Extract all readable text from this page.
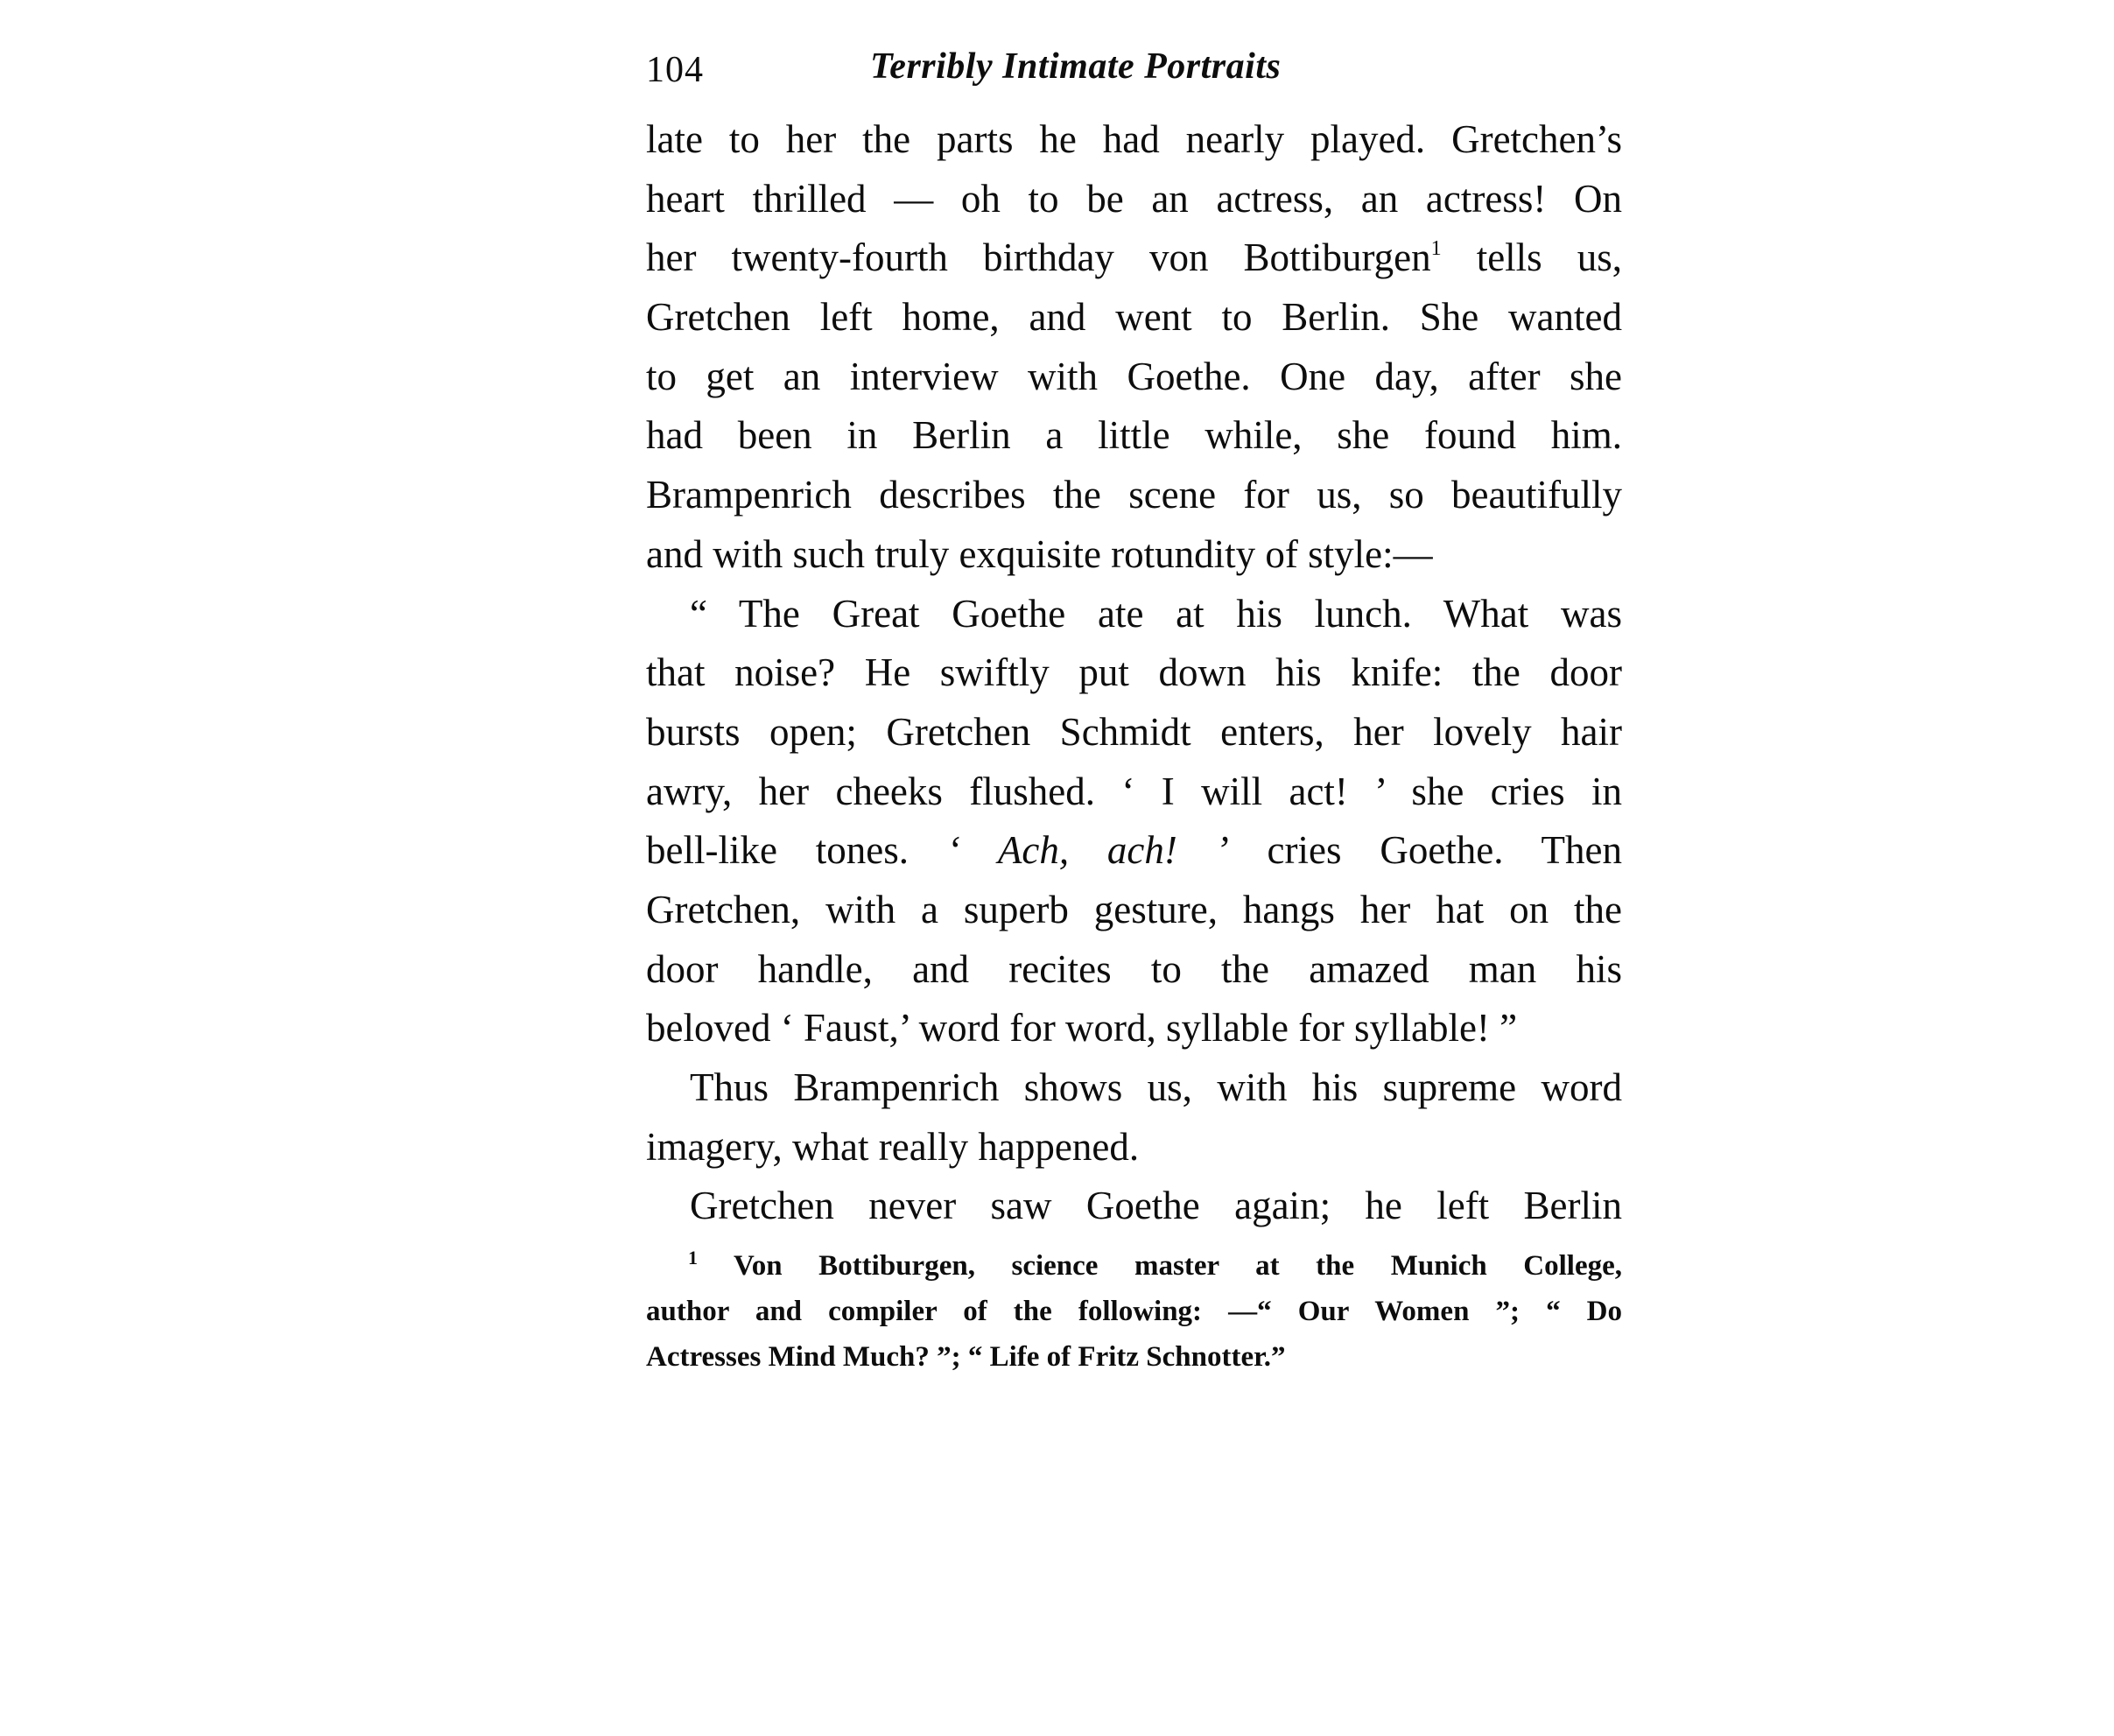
104	Terribly Intimate Portraits

late to her the parts he had nearly played. Gretchen’s
heart thrilled — oh to be an actress, an actress! On
her twenty-fourth birthday von Bottiburgen$^1$ tells us,
Gretchen left home, and went to Berlin. She wanted
to get an interview with Goethe. One day, after she
had been in Berlin a little while, she found him.
Brampenrich describes the scene for us, so beautifully
and with such truly exquisite rotundity of style:—

“ The Great Goethe ate at his lunch. What was
that noise? He swiftly put down his knife: the door
bursts open; Gretchen Schmidt enters, her lovely hair
awry, her cheeks flushed. ‘ I will act! ’ she cries in
bell-like tones. ‘ Ach, ach! ’ cries Goethe. Then
Gretchen, with a superb gesture, hangs her hat on the
door handle, and recites to the amazed man his
beloved ‘ Faust,’ word for word, syllable for syllable! ”

Thus Brampenrich shows us, with his supreme word
imagery, what really happened.

Gretchen never saw Goethe again; he left Berlin

$^1$ Von Bottiburgen, science master at the Munich College,
author and compiler of the following: —“ Our Women ”; “ Do
Actresses Mind Much? ”; “ Life of Fritz Schnotter.”
